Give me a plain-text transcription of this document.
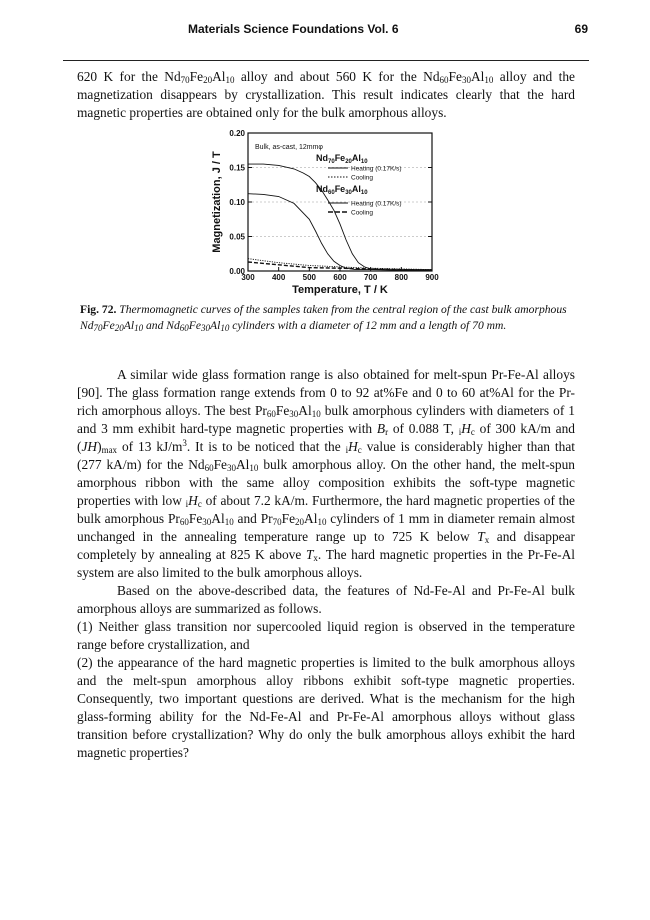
Materials Science Foundations Vol. 6	69

620 K for the $Nd_{70}Fe_{20}Al_{10}$ alloy and about 560 K for the $Nd_{60}Fe_{30}Al_{10}$ alloy and the magnetization disappears by crystallization. This result indicates clearly that the hard magnetic properties are obtained only for the bulk amorphous alloys.

300 400 500 600 700 800 900
0.00
0.05
0.10
0.15
0.20
Magnetization, J / T
Temperature, T / K
Bulk, as-cast, 12mmφ
$Nd_{70}Fe_{20}Al_{10}$
Heating (0.17K/s)
Cooling
$Nd_{60}Fe_{30}Al_{10}$
Heating (0.17K/s)
Cooling

Fig. 72. Thermomagnetic curves of the samples taken from the central region of the cast bulk amorphous $Nd_{70}Fe_{20}Al_{10}$ and $Nd_{60}Fe_{30}Al_{10}$ cylinders with a diameter of 12 mm and a length of 70 mm.

A similar wide glass formation range is also obtained for melt-spun Pr-Fe-Al alloys [90]. The glass formation range extends from 0 to 92 at%Fe and 0 to 60 at%Al for the Pr-rich amorphous alloys. The best $Pr_{60}Fe_{30}Al_{10}$ bulk amorphous cylinders with diameters of 1 and 3 mm exhibit hard-type magnetic properties with $B_r$ of 0.088 T, $_iH_c$ of 300 kA/m and $(JH)_{max}$ of 13 $kJ/m^3$. It is to be noticed that the $_iH_c$ value is considerably higher than that (277 kA/m) for the $Nd_{60}Fe_{30}Al_{10}$ bulk amorphous alloy. On the other hand, the melt-spun amorphous ribbon with the same alloy composition exhibits the soft-type magnetic properties with low $_iH_c$ of about 7.2 kA/m. Furthermore, the hard magnetic properties of the bulk amorphous $Pr_{60}Fe_{30}Al_{10}$ and $Pr_{70}Fe_{20}Al_{10}$ cylinders of 1 mm in diameter remain almost unchanged in the annealing temperature range up to 725 K below $T_x$ and disappear completely by annealing at 825 K above $T_x$. The hard magnetic properties in the Pr-Fe-Al system are also limited to the bulk amorphous alloys.

Based on the above-described data, the features of Nd-Fe-Al and Pr-Fe-Al bulk amorphous alloys are summarized as follows.

(1) Neither glass transition nor supercooled liquid region is observed in the temperature range before crystallization, and

(2) the appearance of the hard magnetic properties is limited to the bulk amorphous alloys and the melt-spun amorphous alloy ribbons exhibit soft-type magnetic properties. Consequently, two important questions are derived. What is the mechanism for the high glass-forming ability for the Nd-Fe-Al and Pr-Fe-Al amorphous alloys without glass transition before crystallization? Why do only the bulk amorphous alloys exhibit the hard magnetic properties?
